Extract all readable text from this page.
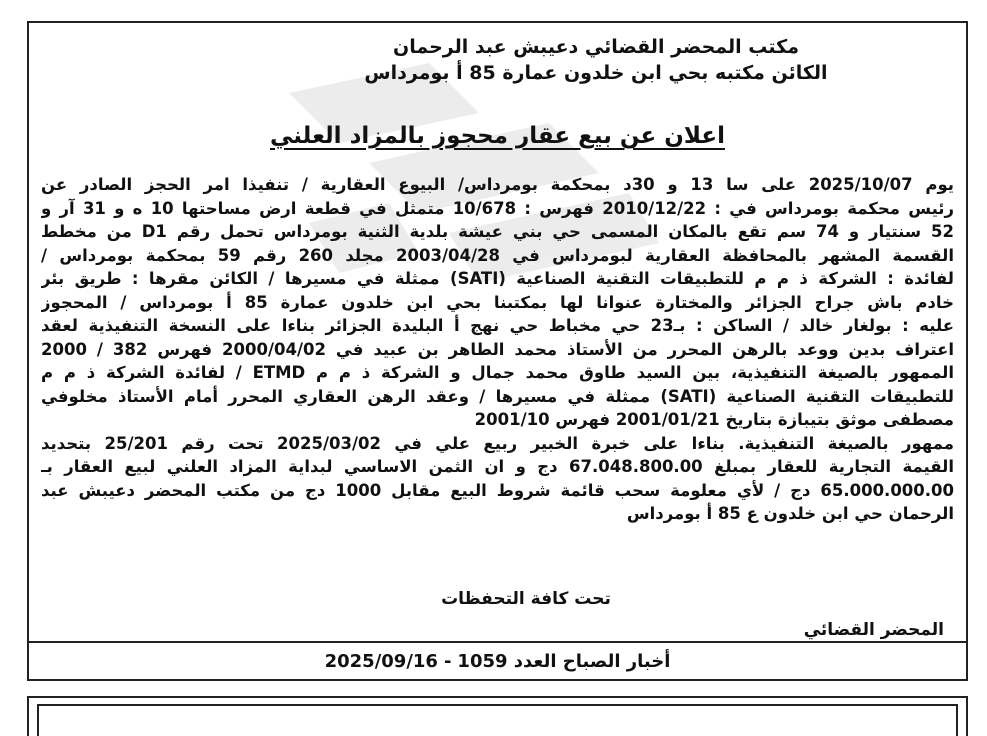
مكتب المحضر القضائي دعيبش عبد الرحمان
الكائن مكتبه بحي ابن خلدون عمارة 85 أ بومرداس
اعلان عن بيع عقار محجوز بالمزاد العلني
يوم 2025/10/07 على سا 13 و 30د بمحكمة بومرداس/ البيوع العقارية / تنفيذا امر الحجز الصادر عن
رئيس محكمة بومرداس في : 2010/12/22 فهرس : 10/678 متمثل في قطعة ارض مساحتها 10 ه و 31 آر و
52 سنتيار و 74 سم تقع بالمكان المسمى حي بني عيشة بلدية الثنية بومرداس تحمل رقم D1 من مخطط
القسمة المشهر بالمحافظة العقارية لبومرداس في 2003/04/28 مجلد 260 رقم 59 بمحكمة بومرداس /
لفائدة : الشركة ذ م م للتطبيقات التقنية الصناعية (SATI) ممثلة في مسيرها / الكائن مقرها : طريق بئر
خادم باش جراح الجزائر والمختارة عنوانا لها بمكتبنا بحي ابن خلدون عمارة 85 أ بومرداس / المحجوز
عليه : بولغار خالد / الساكن : بـ23 حي مخباط حي نهج أ البليدة الجزائر بناءا على النسخة التنفيذية لعقد
اعتراف بدين ووعد بالرهن المحرر من الأستاذ محمد الطاهر بن عبيد في 2000/04/02 فهرس 382 / 2000
الممهور بالصيغة التنفيذية، بين السيد طاوق محمد جمال و الشركة ذ م م ETMD / لفائدة الشركة ذ م م
للتطبيقات التقنية الصناعية (SATI) ممثلة في مسيرها / وعقد الرهن العقاري المحرر أمام الأستاذ مخلوفي
مصطفى موثق بتيبازة بتاريخ 2001/01/21 فهرس 2001/10
ممهور بالصيغة التنفيذية. بناءا على خبرة الخبير ربيع علي في 2025/03/02 تحت رقم 25/201 بتحديد
القيمة التجارية للعقار بمبلغ 67.048.800.00 دج و ان الثمن الاساسي لبداية المزاد العلني لبيع العقار بـ
65.000.000.00 دج / لأي معلومة سحب قائمة شروط البيع مقابل 1000 دج من مكتب المحضر دعيبش عبد
الرحمان حي ابن خلدون ع 85 أ بومرداس
تحت كافة التحفظات
المحضر القضائي
أخبار الصباح العدد 1059
-
2025/09/16
